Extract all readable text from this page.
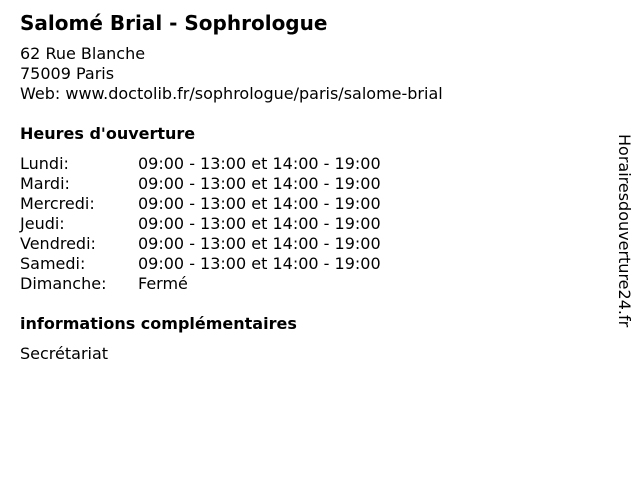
Salomé Brial - Sophrologue
62 Rue Blanche
75009 Paris
Web: www.doctolib.fr/sophrologue/paris/salome-brial
Heures d'ouverture
Lundi:	09:00 - 13:00 et 14:00 - 19:00
Mardi:	09:00 - 13:00 et 14:00 - 19:00
Mercredi:	09:00 - 13:00 et 14:00 - 19:00
Jeudi:	09:00 - 13:00 et 14:00 - 19:00
Vendredi:	09:00 - 13:00 et 14:00 - 19:00
Samedi:	09:00 - 13:00 et 14:00 - 19:00
Dimanche:	Fermé
informations complémentaires
Secrétariat
Horairesdouverture24.fr
